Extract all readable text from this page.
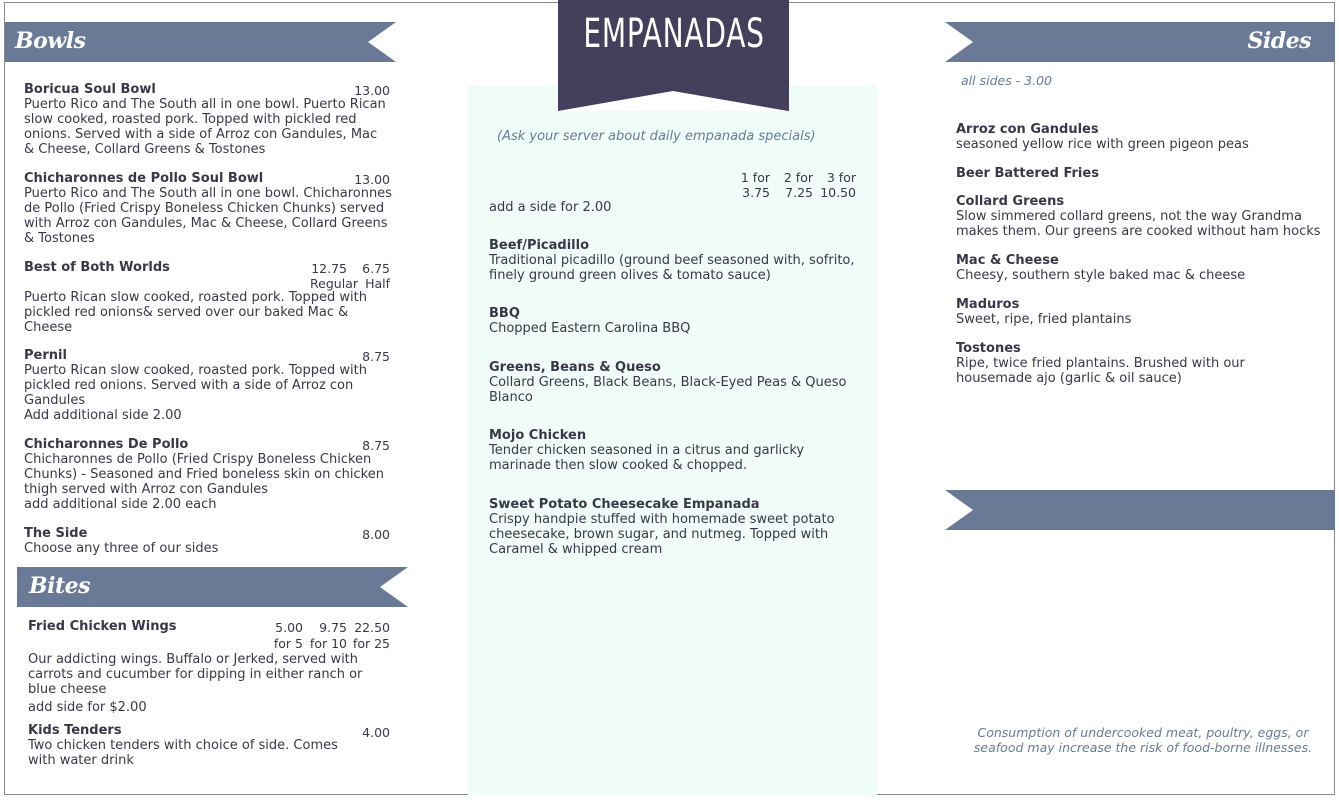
Bowls
Boricua Soul Bowl
Puerto Rico and The South all in one bowl. Puerto Rican slow cooked, roasted pork. Topped with pickled red onions. Served with a side of Arroz con Gandules, Mac & Cheese, Collard Greens & Tostones
13.00
Chicharonnes de Pollo Soul Bowl
Puerto Rico and The South all in one bowl. Chicharonnes de Pollo (Fried Crispy Boneless Chicken Chunks) served with Arroz con Gandules, Mac & Cheese, Collard Greens & Tostones
13.00
Best of Both Worlds
Puerto Rican slow cooked, roasted pork. Topped with pickled red onions& served over our baked Mac & Cheese
12.75	6.75
Regular Half
Pernil
Puerto Rican slow cooked, roasted pork. Topped with pickled red onions. Served with a side of Arroz con Gandules
Add additional side 2.00
8.75
Chicharonnes De Pollo
Chicharonnes de Pollo (Fried Crispy Boneless Chicken Chunks) - Seasoned and Fried boneless skin on chicken thigh served with Arroz con Gandules
add additional side 2.00 each
8.75
The Side
Choose any three of our sides
8.00
Bites
Fried Chicken Wings
Our addicting wings. Buffalo or Jerked, served with carrots and cucumber for dipping in either ranch or blue cheese
add side for $2.00
5.00	9.75 22.50
for 5 for 10 for 25
Kids Tenders
Two chicken tenders with choice of side. Comes with water drink
4.00
EMPANADAS
(Ask your server about daily empanada specials)
1 for	2 for	3 for
3.75	7.25 10.50
add a side for 2.00
Beef/Picadillo
Traditional picadillo (ground beef seasoned with, sofrito, finely ground green olives & tomato sauce)
BBQ
Chopped Eastern Carolina BBQ
Greens, Beans & Queso
Collard Greens, Black Beans, Black-Eyed Peas & Queso Blanco
Mojo Chicken
Tender chicken seasoned in a citrus and garlicky marinade then slow cooked & chopped.
Sweet Potato Cheesecake Empanada
Crispy handpie stuffed with homemade sweet potato cheesecake, brown sugar, and nutmeg. Topped with Caramel & whipped cream
Sides
all sides - 3.00
Arroz con Gandules
seasoned yellow rice with green pigeon peas
Beer Battered Fries
Collard Greens
Slow simmered collard greens, not the way Grandma makes them. Our greens are cooked without ham hocks
Mac & Cheese
Cheesy, southern style baked mac & cheese
Maduros
Sweet, ripe, fried plantains
Tostones
Ripe, twice fried plantains. Brushed with our housemade ajo (garlic & oil sauce)
Consumption of undercooked meat, poultry, eggs, or seafood may increase the risk of food-borne illnesses.
